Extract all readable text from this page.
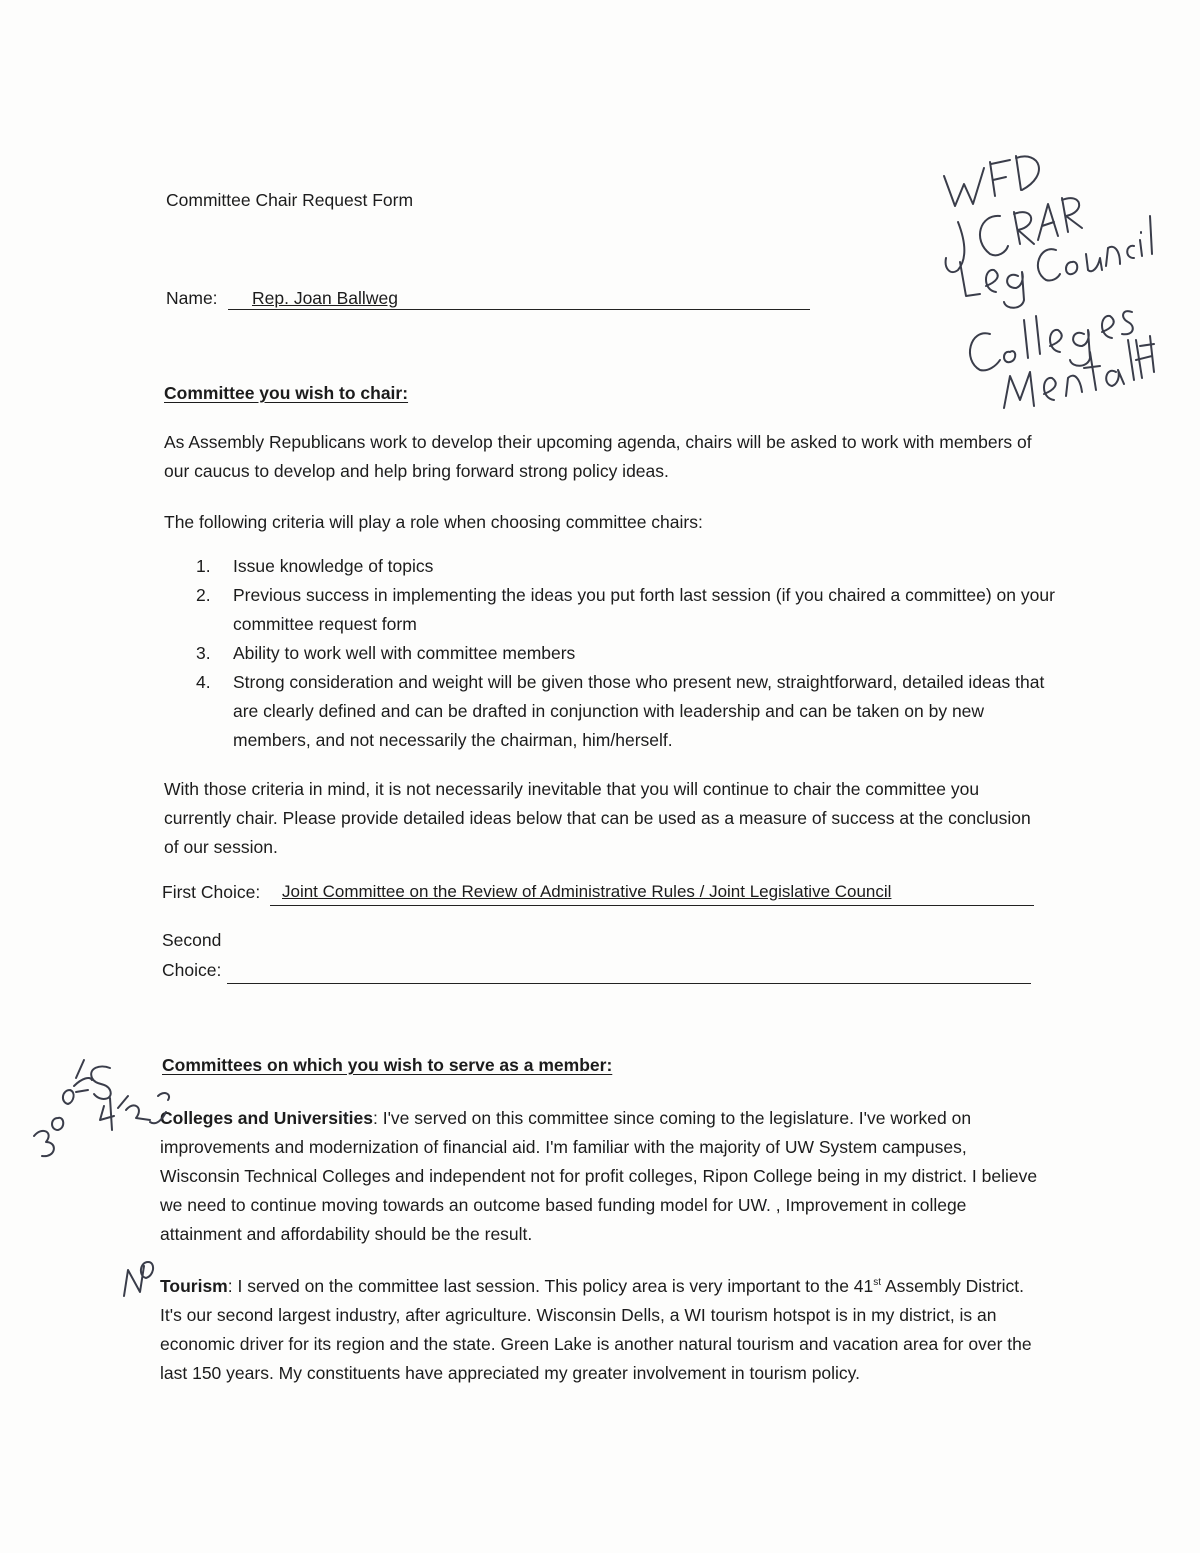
Committee Chair Request Form
Name:	Rep. Joan Ballweg
Committee you wish to chair:
As Assembly Republicans work to develop their upcoming agenda, chairs will be asked to work with members of our caucus to develop and help bring forward strong policy ideas.
The following criteria will play a role when choosing committee chairs:
1. Issue knowledge of topics
2. Previous success in implementing the ideas you put forth last session (if you chaired a committee) on your committee request form
3. Ability to work well with committee members
4. Strong consideration and weight will be given those who present new, straightforward, detailed ideas that are clearly defined and can be drafted in conjunction with leadership and can be taken on by new members, and not necessarily the chairman, him/herself.
With those criteria in mind, it is not necessarily inevitable that you will continue to chair the committee you currently chair. Please provide detailed ideas below that can be used as a measure of success at the conclusion of our session.
First Choice:	Joint Committee on the Review of Administrative Rules / Joint Legislative Council
Second
Choice:
Committees on which you wish to serve as a member:
Colleges and Universities: I've served on this committee since coming to the legislature. I've worked on improvements and modernization of financial aid. I'm familiar with the majority of UW System campuses, Wisconsin Technical Colleges and independent not for profit colleges, Ripon College being in my district. I believe we need to continue moving towards an outcome based funding model for UW. , Improvement in college attainment and affordability should be the result.
Tourism: I served on the committee last session. This policy area is very important to the 41st Assembly District. It's our second largest industry, after agriculture. Wisconsin Dells, a WI tourism hotspot is in my district, is an economic driver for its region and the state. Green Lake is another natural tourism and vacation area for over the last 150 years. My constituents have appreciated my greater involvement in tourism policy.
